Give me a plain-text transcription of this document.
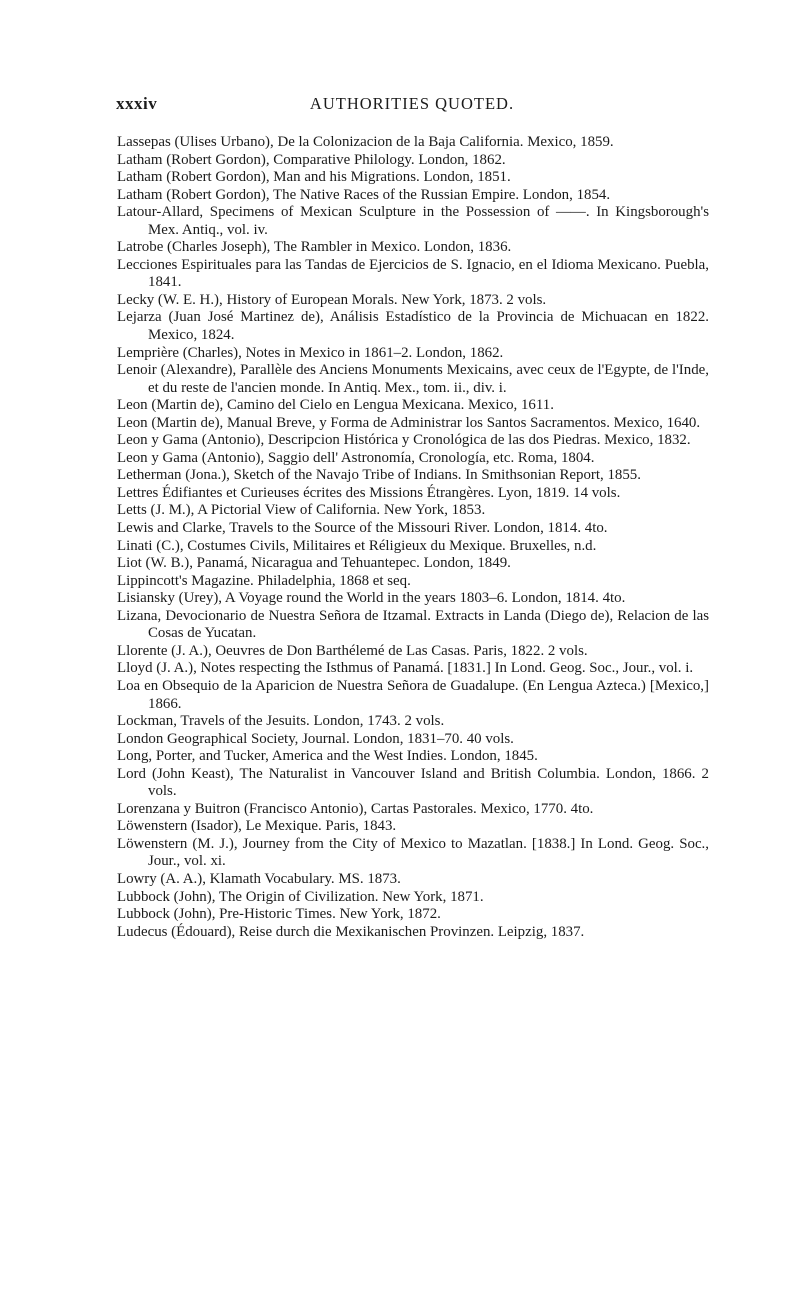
xxxiv	AUTHORITIES QUOTED.

Lassepas (Ulises Urbano), De la Colonizacion de la Baja California. Mexico, 1859.

Latham (Robert Gordon), Comparative Philology. London, 1862.

Latham (Robert Gordon), Man and his Migrations. London, 1851.

Latham (Robert Gordon), The Native Races of the Russian Empire. London, 1854.

Latour-Allard, Specimens of Mexican Sculpture in the Possession of ——. In Kingsborough's Mex. Antiq., vol. iv.

Latrobe (Charles Joseph), The Rambler in Mexico. London, 1836.

Lecciones Espirituales para las Tandas de Ejercicios de S. Ignacio, en el Idioma Mexicano. Puebla, 1841.

Lecky (W. E. H.), History of European Morals. New York, 1873. 2 vols.

Lejarza (Juan José Martinez de), Análisis Estadístico de la Provincia de Michuacan en 1822. Mexico, 1824.

Lemprière (Charles), Notes in Mexico in 1861–2. London, 1862.

Lenoir (Alexandre), Parallèle des Anciens Monuments Mexicains, avec ceux de l'Egypte, de l'Inde, et du reste de l'ancien monde. In Antiq. Mex., tom. ii., div. i.

Leon (Martin de), Camino del Cielo en Lengua Mexicana. Mexico, 1611.

Leon (Martin de), Manual Breve, y Forma de Administrar los Santos Sacramentos. Mexico, 1640.

Leon y Gama (Antonio), Descripcion Histórica y Cronológica de las dos Piedras. Mexico, 1832.

Leon y Gama (Antonio), Saggio dell' Astronomía, Cronología, etc. Roma, 1804.

Letherman (Jona.), Sketch of the Navajo Tribe of Indians. In Smithsonian Report, 1855.

Lettres Édifiantes et Curieuses écrites des Missions Étrangères. Lyon, 1819. 14 vols.

Letts (J. M.), A Pictorial View of California. New York, 1853.

Lewis and Clarke, Travels to the Source of the Missouri River. London, 1814. 4to.

Linati (C.), Costumes Civils, Militaires et Réligieux du Mexique. Bruxelles, n.d.

Liot (W. B.), Panamá, Nicaragua and Tehuantepec. London, 1849.

Lippincott's Magazine. Philadelphia, 1868 et seq.

Lisiansky (Urey), A Voyage round the World in the years 1803–6. London, 1814. 4to.

Lizana, Devocionario de Nuestra Señora de Itzamal. Extracts in Landa (Diego de), Relacion de las Cosas de Yucatan.

Llorente (J. A.), Oeuvres de Don Barthélemé de Las Casas. Paris, 1822. 2 vols.

Lloyd (J. A.), Notes respecting the Isthmus of Panamá. [1831.] In Lond. Geog. Soc., Jour., vol. i.

Loa en Obsequio de la Aparicion de Nuestra Señora de Guadalupe. (En Lengua Azteca.) [Mexico,] 1866.

Lockman, Travels of the Jesuits. London, 1743. 2 vols.

London Geographical Society, Journal. London, 1831–70. 40 vols.

Long, Porter, and Tucker, America and the West Indies. London, 1845.

Lord (John Keast), The Naturalist in Vancouver Island and British Columbia. London, 1866. 2 vols.

Lorenzana y Buitron (Francisco Antonio), Cartas Pastorales. Mexico, 1770. 4to.

Löwenstern (Isador), Le Mexique. Paris, 1843.

Löwenstern (M. J.), Journey from the City of Mexico to Mazatlan. [1838.] In Lond. Geog. Soc., Jour., vol. xi.

Lowry (A. A.), Klamath Vocabulary. MS. 1873.

Lubbock (John), The Origin of Civilization. New York, 1871.

Lubbock (John), Pre-Historic Times. New York, 1872.

Ludecus (Édouard), Reise durch die Mexikanischen Provinzen. Leipzig, 1837.
